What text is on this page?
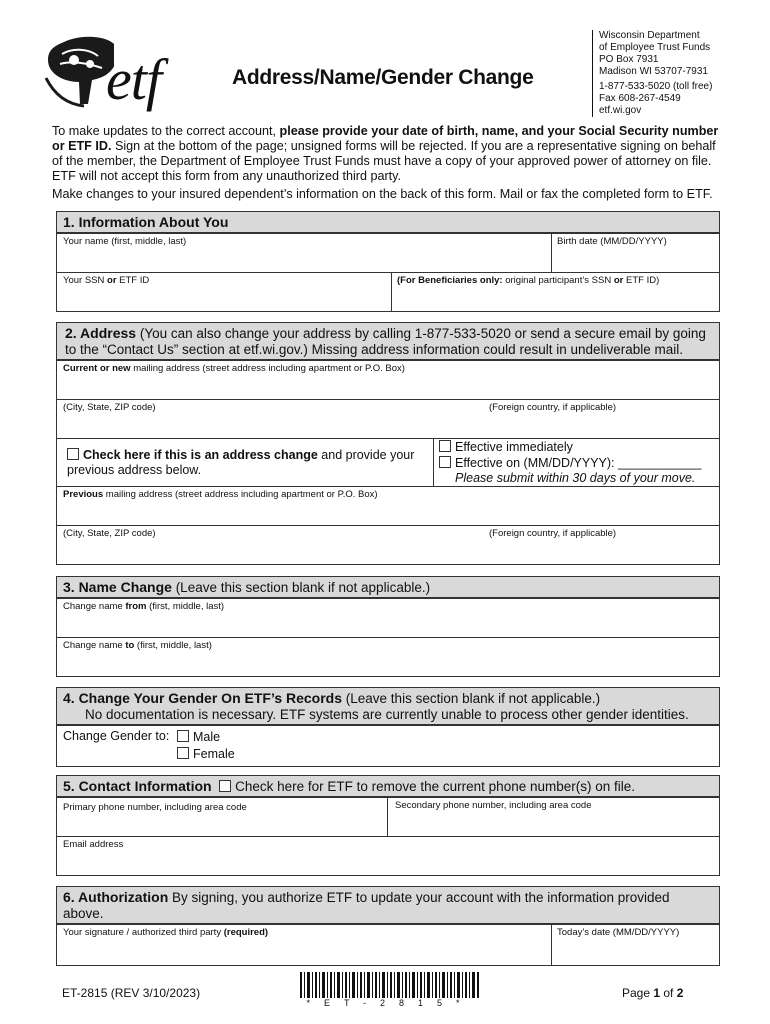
etf	Address/Name/Gender Change
Wisconsin Department
of Employee Trust Funds
PO Box 7931
Madison WI 53707-7931
1-877-533-5020 (toll free)
Fax 608-267-4549
etf.wi.gov

To make updates to the correct account, please provide your date of birth, name, and your Social Security number or ETF ID. Sign at the bottom of the page; unsigned forms will be rejected. If you are a representative signing on behalf of the member, the Department of Employee Trust Funds must have a copy of your approved power of attorney on file. ETF will not accept this form from any unauthorized third party.

Make changes to your insured dependent’s information on the back of this form. Mail or fax the completed form to ETF.

1. Information About You
Your name (first, middle, last)	Birth date (MM/DD/YYYY)
Your SSN or ETF ID	(For Beneficiaries only: original participant’s SSN or ETF ID)
2. Address (You can also change your address by calling 1-877-533-5020 or send a secure email by going to the “Contact Us” section at etf.wi.gov.) Missing address information could result in undeliverable mail.
Current or new mailing address (street address including apartment or P.O. Box)
(City, State, ZIP code)	(Foreign country, if applicable)
Check here if this is an address change and provide your previous address below.
Effective immediately
Effective on (MM/DD/YYYY): ____________
Please submit within 30 days of your move.
Previous mailing address (street address including apartment or P.O. Box)
(City, State, ZIP code)	(Foreign country, if applicable)
3. Name Change (Leave this section blank if not applicable.)
Change name from (first, middle, last)
Change name to (first, middle, last)
4. Change Your Gender On ETF’s Records (Leave this section blank if not applicable.)
No documentation is necessary. ETF systems are currently unable to process other gender identities.
Change Gender to:	Male
Female
5. Contact Information Check here for ETF to remove the current phone number(s) on file.
Primary phone number, including area code	Secondary phone number, including area code
Email address
6. Authorization By signing, you authorize ETF to update your account with the information provided above.
Your signature / authorized third party (required)	Today’s date (MM/DD/YYYY)
ET-2815 (REV 3/10/2023)
*ET-2815*
Page 1 of 2
